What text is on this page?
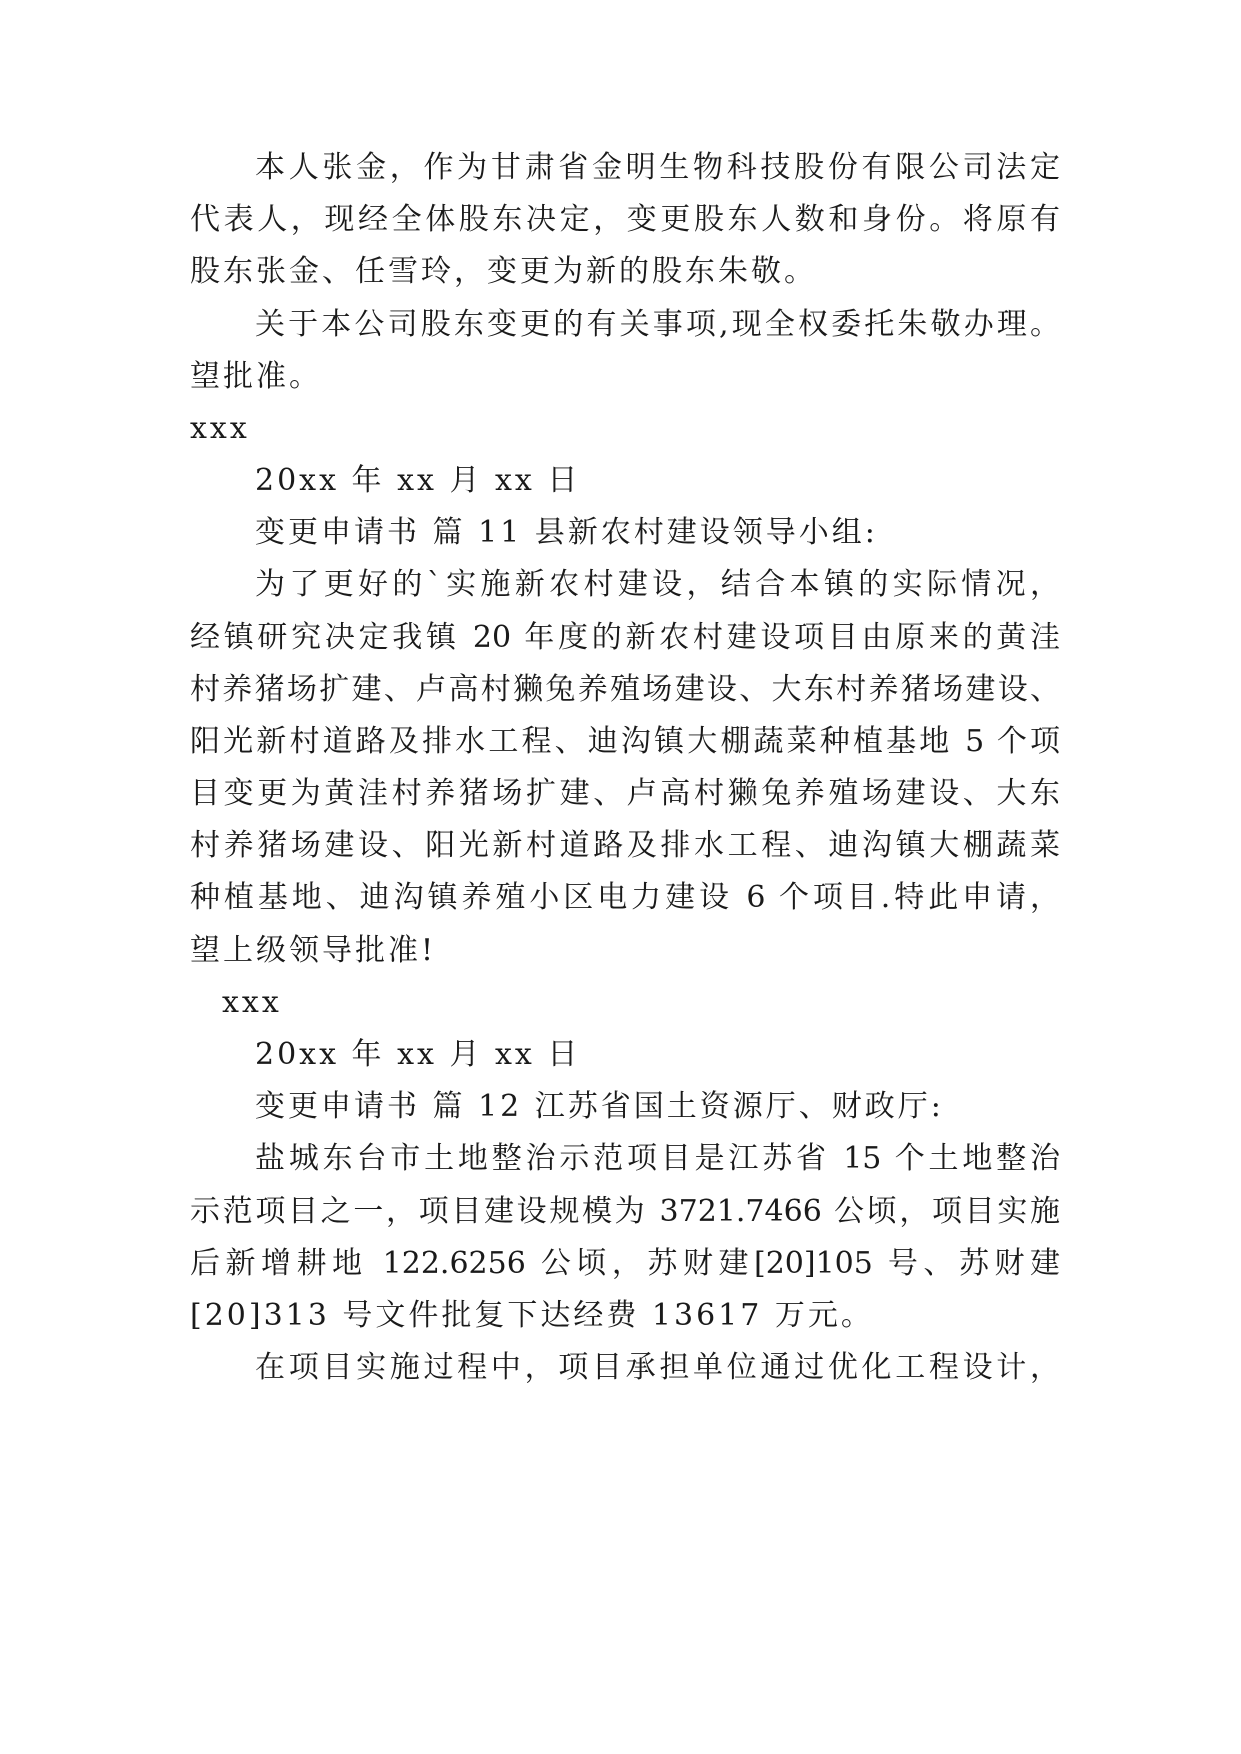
本人张金，作为甘肃省金明生物科技股份有限公司法定
代表人，现经全体股东决定，变更股东人数和身份。将原有
股东张金、任雪玲，变更为新的股东朱敬。
关于本公司股东变更的有关事项,现全权委托朱敬办理。
望批准。
xxx
20xx 年 xx 月 xx 日
变更申请书 篇 11 县新农村建设领导小组:
为了更好的`实施新农村建设，结合本镇的实际情况，
经镇研究决定我镇 20 年度的新农村建设项目由原来的黄洼
村养猪场扩建、卢高村獭兔养殖场建设、大东村养猪场建设、
阳光新村道路及排水工程、迪沟镇大棚蔬菜种植基地 5 个项
目变更为黄洼村养猪场扩建、卢高村獭兔养殖场建设、大东
村养猪场建设、阳光新村道路及排水工程、迪沟镇大棚蔬菜
种植基地、迪沟镇养殖小区电力建设 6 个项目.特此申请，
望上级领导批准!
xxx
20xx 年 xx 月 xx 日
变更申请书 篇 12 江苏省国土资源厅、财政厅:
盐城东台市土地整治示范项目是江苏省 15 个土地整治
示范项目之一，项目建设规模为 3721.7466 公顷，项目实施
后新增耕地 122.6256 公顷，苏财建[20]105 号、苏财建
[20]313 号文件批复下达经费 13617 万元。
在项目实施过程中，项目承担单位通过优化工程设计，
